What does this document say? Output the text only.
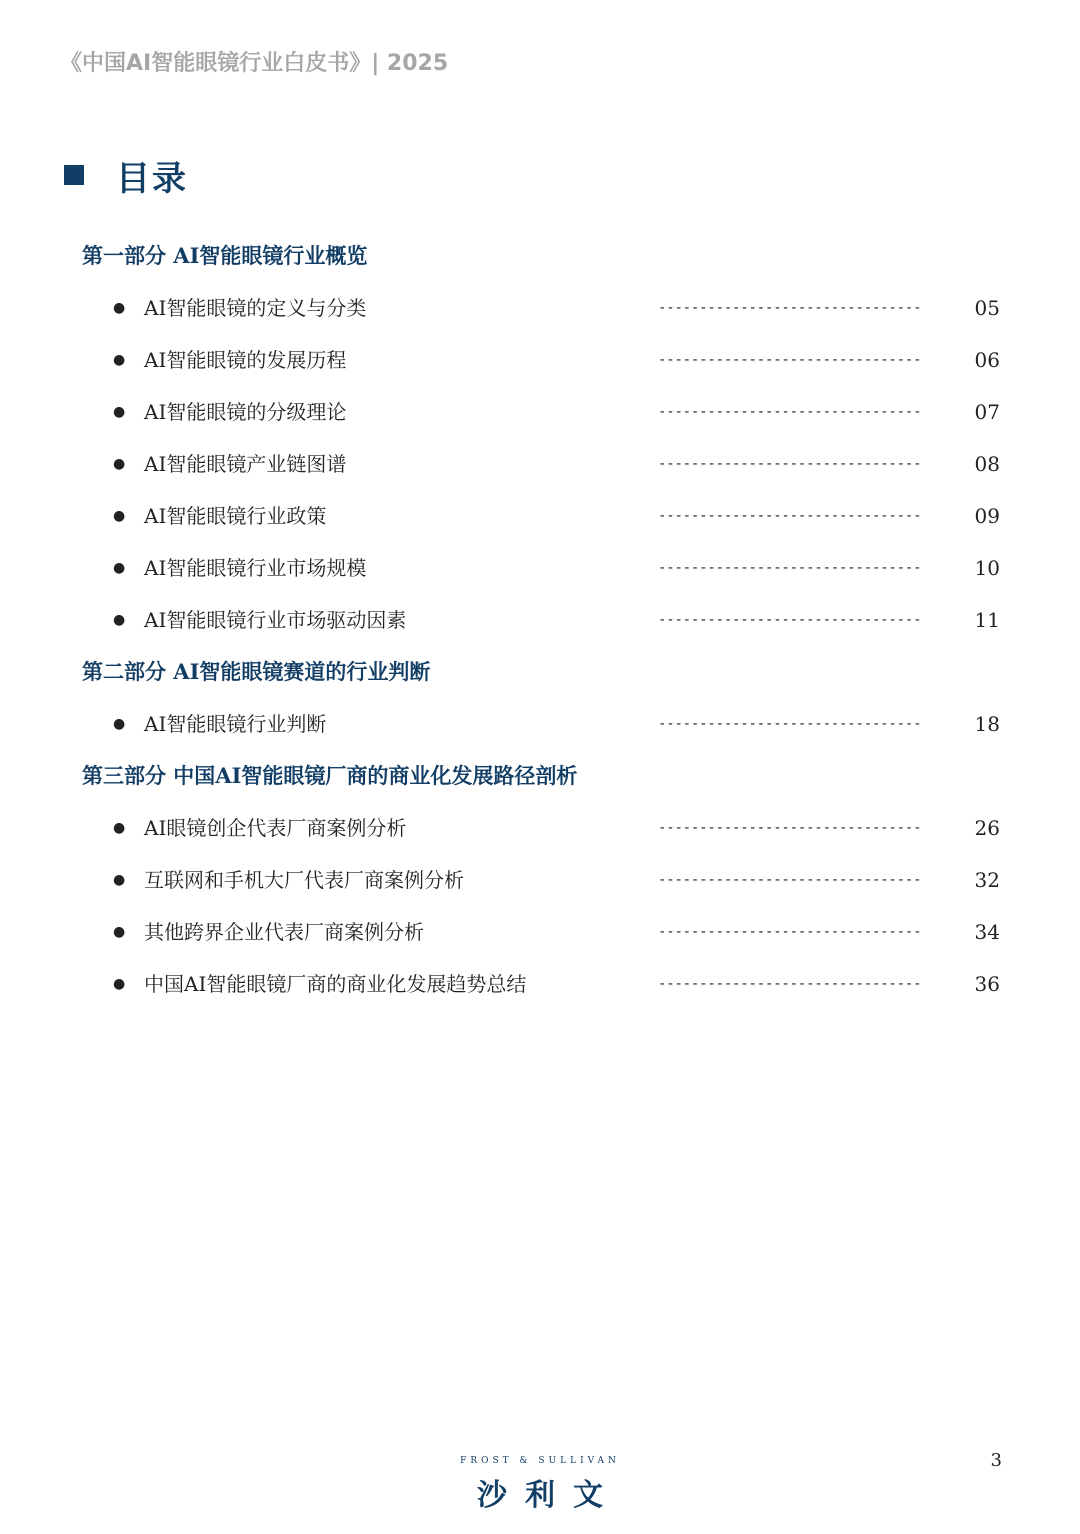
《中国AI智能眼镜行业白皮书》| 2025
目录
第一部分 AI智能眼镜行业概览
● AI智能眼镜的定义与分类	--------------------------------	05
● AI智能眼镜的发展历程	--------------------------------	06
● AI智能眼镜的分级理论	--------------------------------	07
● AI智能眼镜产业链图谱	--------------------------------	08
● AI智能眼镜行业政策	--------------------------------	09
● AI智能眼镜行业市场规模	--------------------------------	10
● AI智能眼镜行业市场驱动因素	--------------------------------	11
第二部分 AI智能眼镜赛道的行业判断
● AI智能眼镜行业判断	--------------------------------	18
第三部分 中国AI智能眼镜厂商的商业化发展路径剖析
● AI眼镜创企代表厂商案例分析	--------------------------------	26
● 互联网和手机大厂代表厂商案例分析	--------------------------------	32
● 其他跨界企业代表厂商案例分析	--------------------------------	34
● 中国AI智能眼镜厂商的商业化发展趋势总结	--------------------------------	36
FROST & SULLIVAN
沙利文
3
